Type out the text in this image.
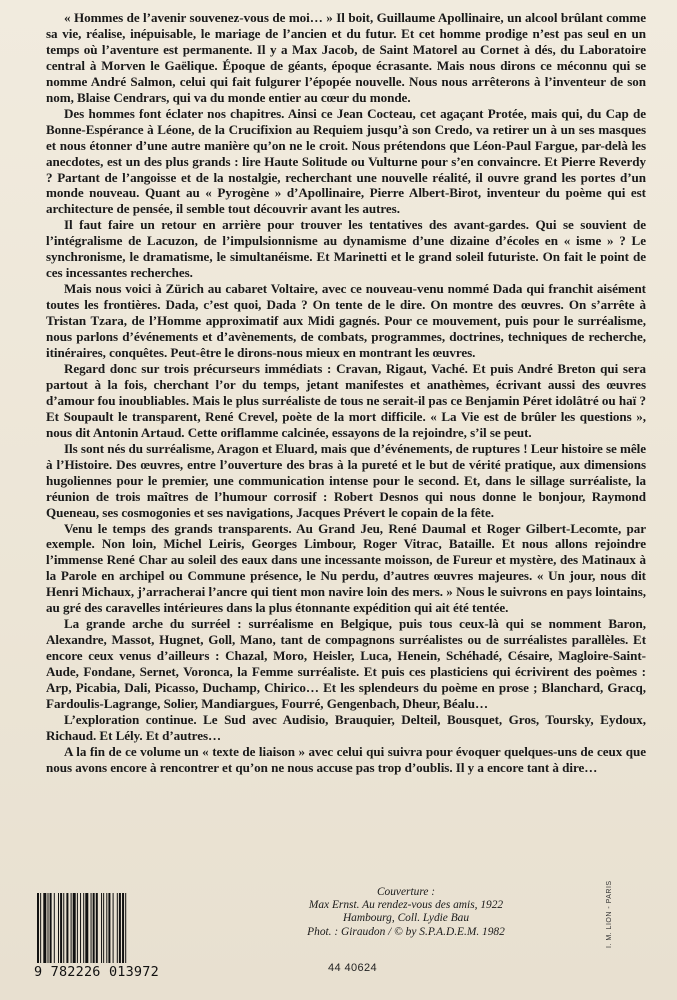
« Hommes de l’avenir souvenez-vous de moi… » Il boit, Guillaume Apollinaire, un alcool brûlant comme sa vie, réalise, inépuisable, le mariage de l’ancien et du futur. Et cet homme prodige n’est pas seul en un temps où l’aventure est permanente. Il y a Max Jacob, de Saint Matorel au Cornet à dés, du Laboratoire central à Morven le Gaëlique. Époque de géants, époque écrasante. Mais nous dirons ce méconnu qui se nomme André Salmon, celui qui fait fulgurer l’épopée nouvelle. Nous nous arrêterons à l’inventeur de son nom, Blaise Cendrars, qui va du monde entier au cœur du monde.

Des hommes font éclater nos chapitres. Ainsi ce Jean Cocteau, cet agaçant Protée, mais qui, du Cap de Bonne-Espérance à Léone, de la Crucifixion au Requiem jusqu’à son Credo, va retirer un à un ses masques et nous étonner d’une autre manière qu’on ne le croit. Nous prétendons que Léon-Paul Fargue, par-delà les anecdotes, est un des plus grands : lire Haute Solitude ou Vulturne pour s’en convaincre. Et Pierre Reverdy ? Partant de l’angoisse et de la nostalgie, recherchant une nouvelle réalité, il ouvre grand les portes d’un monde nouveau. Quant au « Pyrogène » d’Apollinaire, Pierre Albert-Birot, inventeur du poème qui est architecture de pensée, il semble tout découvrir avant les autres.

Il faut faire un retour en arrière pour trouver les tentatives des avant-gardes. Qui se souvient de l’intégralisme de Lacuzon, de l’impulsionnisme au dynamisme d’une dizaine d’écoles en « isme » ? Le synchronisme, le dramatisme, le simultanéisme. Et Marinetti et le grand soleil futuriste. On fait le point de ces incessantes recherches.

Mais nous voici à Zürich au cabaret Voltaire, avec ce nouveau-venu nommé Dada qui franchit aisément toutes les frontières. Dada, c’est quoi, Dada ? On tente de le dire. On montre des œuvres. On s’arrête à Tristan Tzara, de l’Homme approximatif aux Midi gagnés. Pour ce mouvement, puis pour le surréalisme, nous parlons d’événements et d’avènements, de combats, programmes, doctrines, techniques de recherche, itinéraires, conquêtes. Peut-être le dirons-nous mieux en montrant les œuvres.

Regard donc sur trois précurseurs immédiats : Cravan, Rigaut, Vaché. Et puis André Breton qui sera partout à la fois, cherchant l’or du temps, jetant manifestes et anathèmes, écrivant aussi des œuvres d’amour fou inoubliables. Mais le plus surréaliste de tous ne serait-il pas ce Benjamin Péret idolâtré ou haï ? Et Soupault le transparent, René Crevel, poète de la mort difficile. « La Vie est de brûler les questions », nous dit Antonin Artaud. Cette oriflamme calcinée, essayons de la rejoindre, s’il se peut.

Ils sont nés du surréalisme, Aragon et Eluard, mais que d’événements, de ruptures ! Leur histoire se mêle à l’Histoire. Des œuvres, entre l’ouverture des bras à la pureté et le but de vérité pratique, aux dimensions hugoliennes pour le premier, une communication intense pour le second. Et, dans le sillage surréaliste, la réunion de trois maîtres de l’humour corrosif : Robert Desnos qui nous donne le bonjour, Raymond Queneau, ses cosmogonies et ses navigations, Jacques Prévert le copain de la fête.

Venu le temps des grands transparents. Au Grand Jeu, René Daumal et Roger Gilbert-Lecomte, par exemple. Non loin, Michel Leiris, Georges Limbour, Roger Vitrac, Bataille. Et nous allons rejoindre l’immense René Char au soleil des eaux dans une incessante moisson, de Fureur et mystère, des Matinaux à la Parole en archipel ou Commune présence, le Nu perdu, d’autres œuvres majeures. « Un jour, nous dit Henri Michaux, j’arracherai l’ancre qui tient mon navire loin des mers. » Nous le suivrons en pays lointains, au gré des caravelles intérieures dans la plus étonnante expédition qui ait été tentée.

La grande arche du surréel : surréalisme en Belgique, puis tous ceux-là qui se nomment Baron, Alexandre, Massot, Hugnet, Goll, Mano, tant de compagnons surréalistes ou de surréalistes parallèles. Et encore ceux venus d’ailleurs : Chazal, Moro, Heisler, Luca, Henein, Schéhadé, Césaire, Magloire-Saint-Aude, Fondane, Sernet, Voronca, la Femme surréaliste. Et puis ces plasticiens qui écrivirent des poèmes : Arp, Picabia, Dali, Picasso, Duchamp, Chirico… Et les splendeurs du poème en prose ; Blanchard, Gracq, Fardoulis-Lagrange, Solier, Mandiargues, Fourré, Gengenbach, Dheur, Béalu…

L’exploration continue. Le Sud avec Audisio, Brauquier, Delteil, Bousquet, Gros, Toursky, Eydoux, Richaud. Et Lély. Et d’autres…

A la fin de ce volume un « texte de liaison » avec celui qui suivra pour évoquer quelques-uns de ceux que nous avons encore à rencontrer et qu’on ne nous accuse pas trop d’oublis. Il y a encore tant à dire…

Couverture :
Max Ernst. Au rendez-vous des amis, 1922
Hambourg, Coll. Lydie Bau
Phot. : Giraudon / © by S.P.A.D.E.M. 1982
9 782226 013972	44 40624
I. M. LION - PARIS
